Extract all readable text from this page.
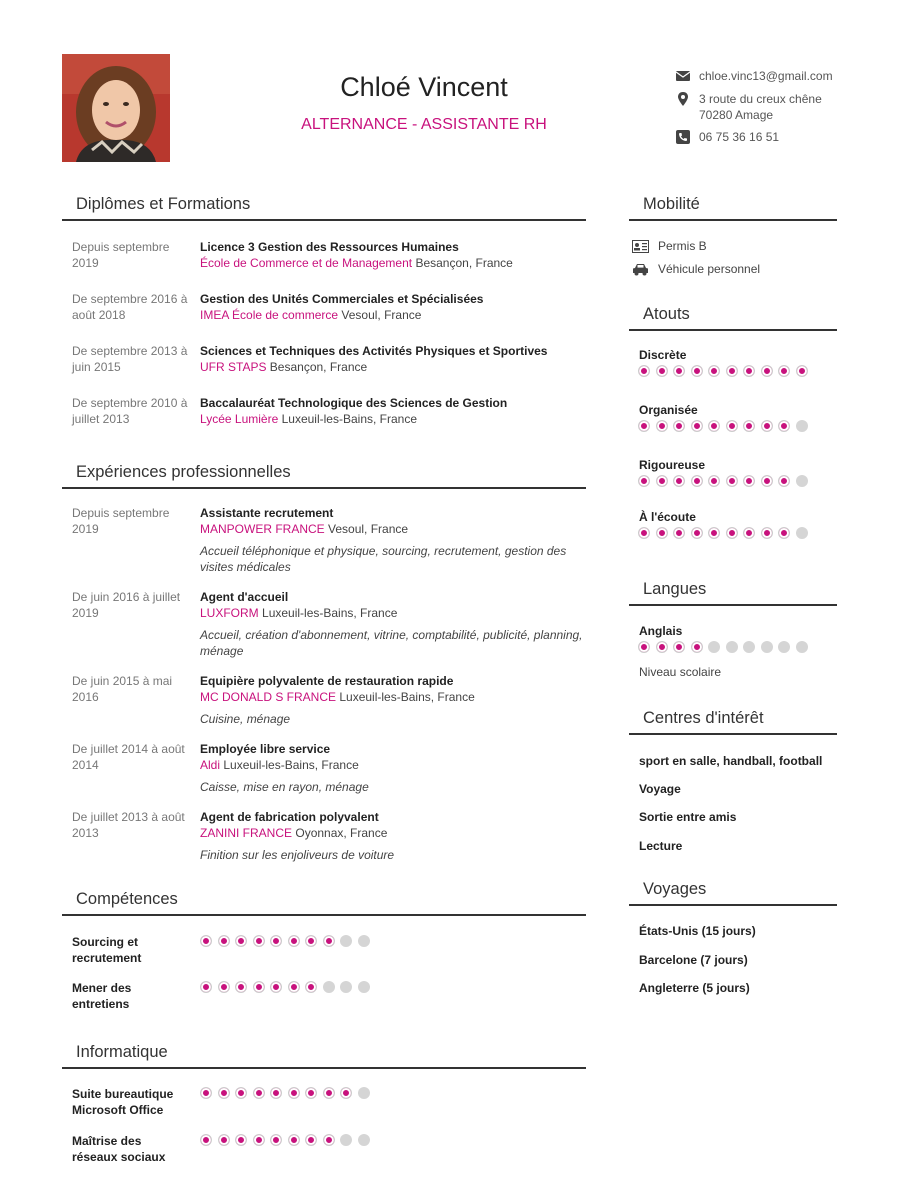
Chloé Vincent
ALTERNANCE - ASSISTANTE RH
chloe.vinc13@gmail.com
3 route du creux chêne
70280 Amage
06 75 36 16 51
Diplômes et Formations
Depuis septembre 2019
Licence 3 Gestion des Ressources Humaines
École de Commerce et de Management Besançon, France
De septembre 2016 à août 2018
Gestion des Unités Commerciales et Spécialisées
IMEA École de commerce Vesoul, France
De septembre 2013 à juin 2015
Sciences et Techniques des Activités Physiques et Sportives
UFR STAPS Besançon, France
De septembre 2010 à juillet 2013
Baccalauréat Technologique des Sciences de Gestion
Lycée Lumière Luxeuil-les-Bains, France
Expériences professionnelles
Depuis septembre 2019
Assistante recrutement
MANPOWER FRANCE Vesoul, France
Accueil téléphonique et physique, sourcing, recrutement, gestion des visites médicales
De juin 2016 à juillet 2019
Agent d'accueil
LUXFORM Luxeuil-les-Bains, France
Accueil, création d'abonnement, vitrine, comptabilité, publicité, planning, ménage
De juin 2015 à mai 2016
Equipière polyvalente de restauration rapide
MC DONALD S FRANCE Luxeuil-les-Bains, France
Cuisine, ménage
De juillet 2014 à août 2014
Employée libre service
Aldi Luxeuil-les-Bains, France
Caisse, mise en rayon, ménage
De juillet 2013 à août 2013
Agent de fabrication polyvalent
ZANINI FRANCE Oyonnax, France
Finition sur les enjoliveurs de voiture
Compétences
Sourcing et recrutement
Mener des entretiens
Informatique
Suite bureautique Microsoft Office
Maîtrise des réseaux sociaux
Mobilité
Permis B
Véhicule personnel
Atouts
Discrète
Organisée
Rigoureuse
À l'écoute
Langues
Anglais
Niveau scolaire
Centres d'intérêt
sport en salle, handball, football
Voyage
Sortie entre amis
Lecture
Voyages
États-Unis (15 jours)
Barcelone (7 jours)
Angleterre (5 jours)
